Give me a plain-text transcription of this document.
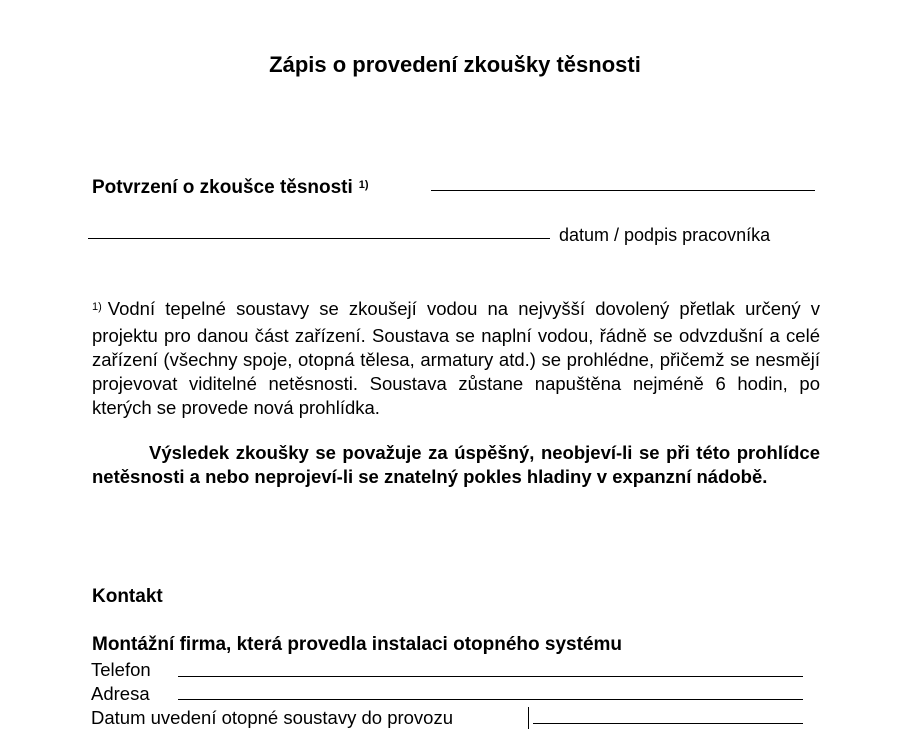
Zápis o provedení zkoušky těsnosti
Potvrzení o zkoušce těsnosti $^{1)}$
datum / podpis pracovníka
$^{1)}$ Vodní tepelné soustavy se zkoušejí vodou na nejvyšší dovolený přetlak určený v projektu pro danou část zařízení. Soustava se naplní vodou, řádně se odvzdušní a celé zařízení (všechny spoje, otopná tělesa, armatury atd.) se prohlédne, přičemž se nesmějí projevovat viditelné netěsnosti. Soustava zůstane napuštěna nejméně 6 hodin, po kterých se provede nová prohlídka.
Výsledek zkoušky se považuje za úspěšný, neobjeví-li se při této prohlídce netěsnosti a nebo neprojeví-li se znatelný pokles hladiny v expanzní nádobě.
Kontakt
Montážní firma, která provedla instalaci otopného systému
Telefon
Adresa
Datum uvedení otopné soustavy do provozu
